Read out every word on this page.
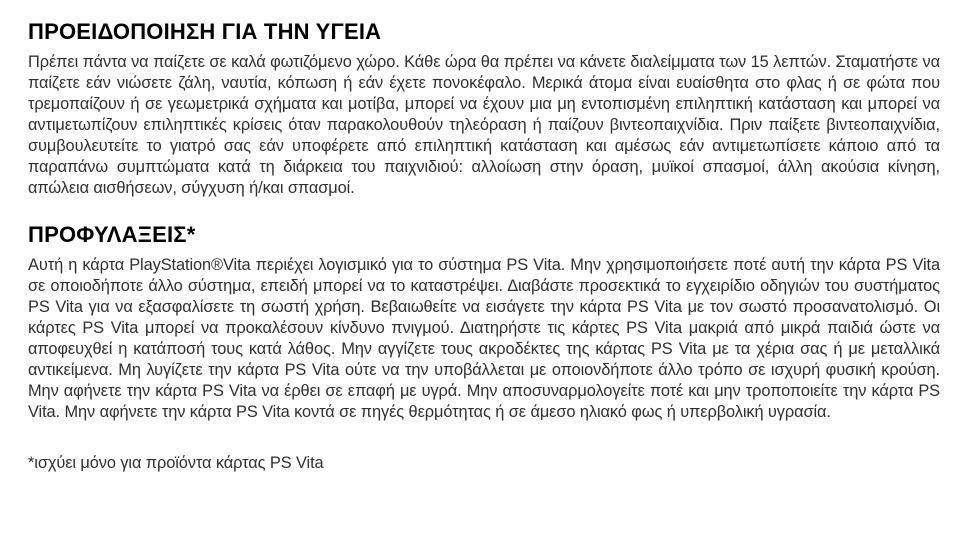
ΠΡΟΕΙΔΟΠΟΙΗΣΗ ΓΙΑ ΤΗΝ ΥΓΕΙΑ

Πρέπει πάντα να παίζετε σε καλά φωτιζόμενο χώρο. Κάθε ώρα θα πρέπει να κάνετε διαλείμματα των 15 λεπτών. Σταματήστε να παίζετε εάν νιώσετε ζάλη, ναυτία, κόπωση ή εάν έχετε πονοκέφαλο. Μερικά άτομα είναι ευαίσθητα στο φλας ή σε φώτα που τρεμοπαίζουν ή σε γεωμετρικά σχήματα και μοτίβα, μπορεί να έχουν μια μη εντοπισμένη επιληπτική κατάσταση και μπορεί να αντιμετωπίζουν επιληπτικές κρίσεις όταν παρακολουθούν τηλεόραση ή παίζουν βιντεοπαιχνίδια. Πριν παίξετε βιντεοπαιχνίδια, συμβουλευτείτε το γιατρό σας εάν υποφέρετε από επιληπτική κατάσταση και αμέσως εάν αντιμετωπίσετε κάποιο από τα παραπάνω συμπτώματα κατά τη διάρκεια του παιχνιδιού: αλλοίωση στην όραση, μυϊκοί σπασμοί, άλλη ακούσια κίνηση, απώλεια αισθήσεων, σύγχυση ή/και σπασμοί.

ΠΡΟΦΥΛΑΞΕΙΣ*

Αυτή η κάρτα PlayStation®Vita περιέχει λογισμικό για το σύστημα PS Vita. Μην χρησιμοποιήσετε ποτέ αυτή την κάρτα PS Vita σε οποιοδήποτε άλλο σύστημα, επειδή μπορεί να το καταστρέψει. Διαβάστε προσεκτικά το εγχειρίδιο οδηγιών του συστήματος PS Vita για να εξασφαλίσετε τη σωστή χρήση. Βεβαιωθείτε να εισάγετε την κάρτα PS Vita με τον σωστό προσανατολισμό. Οι κάρτες PS Vita μπορεί να προκαλέσουν κίνδυνο πνιγμού. Διατηρήστε τις κάρτες PS Vita μακριά από μικρά παιδιά ώστε να αποφευχθεί η κατάποσή τους κατά λάθος. Μην αγγίζετε τους ακροδέκτες της κάρτας PS Vita με τα χέρια σας ή με μεταλλικά αντικείμενα. Μη λυγίζετε την κάρτα PS Vita ούτε να την υποβάλλεται με οποιονδήποτε άλλο τρόπο σε ισχυρή φυσική κρούση. Μην αφήνετε την κάρτα PS Vita να έρθει σε επαφή με υγρά. Μην αποσυναρμολογείτε ποτέ και μην τροποποιείτε την κάρτα PS Vita. Μην αφήνετε την κάρτα PS Vita κοντά σε πηγές θερμότητας ή σε άμεσο ηλιακό φως ή υπερβολική υγρασία.

*ισχύει μόνο για προϊόντα κάρτας PS Vita
